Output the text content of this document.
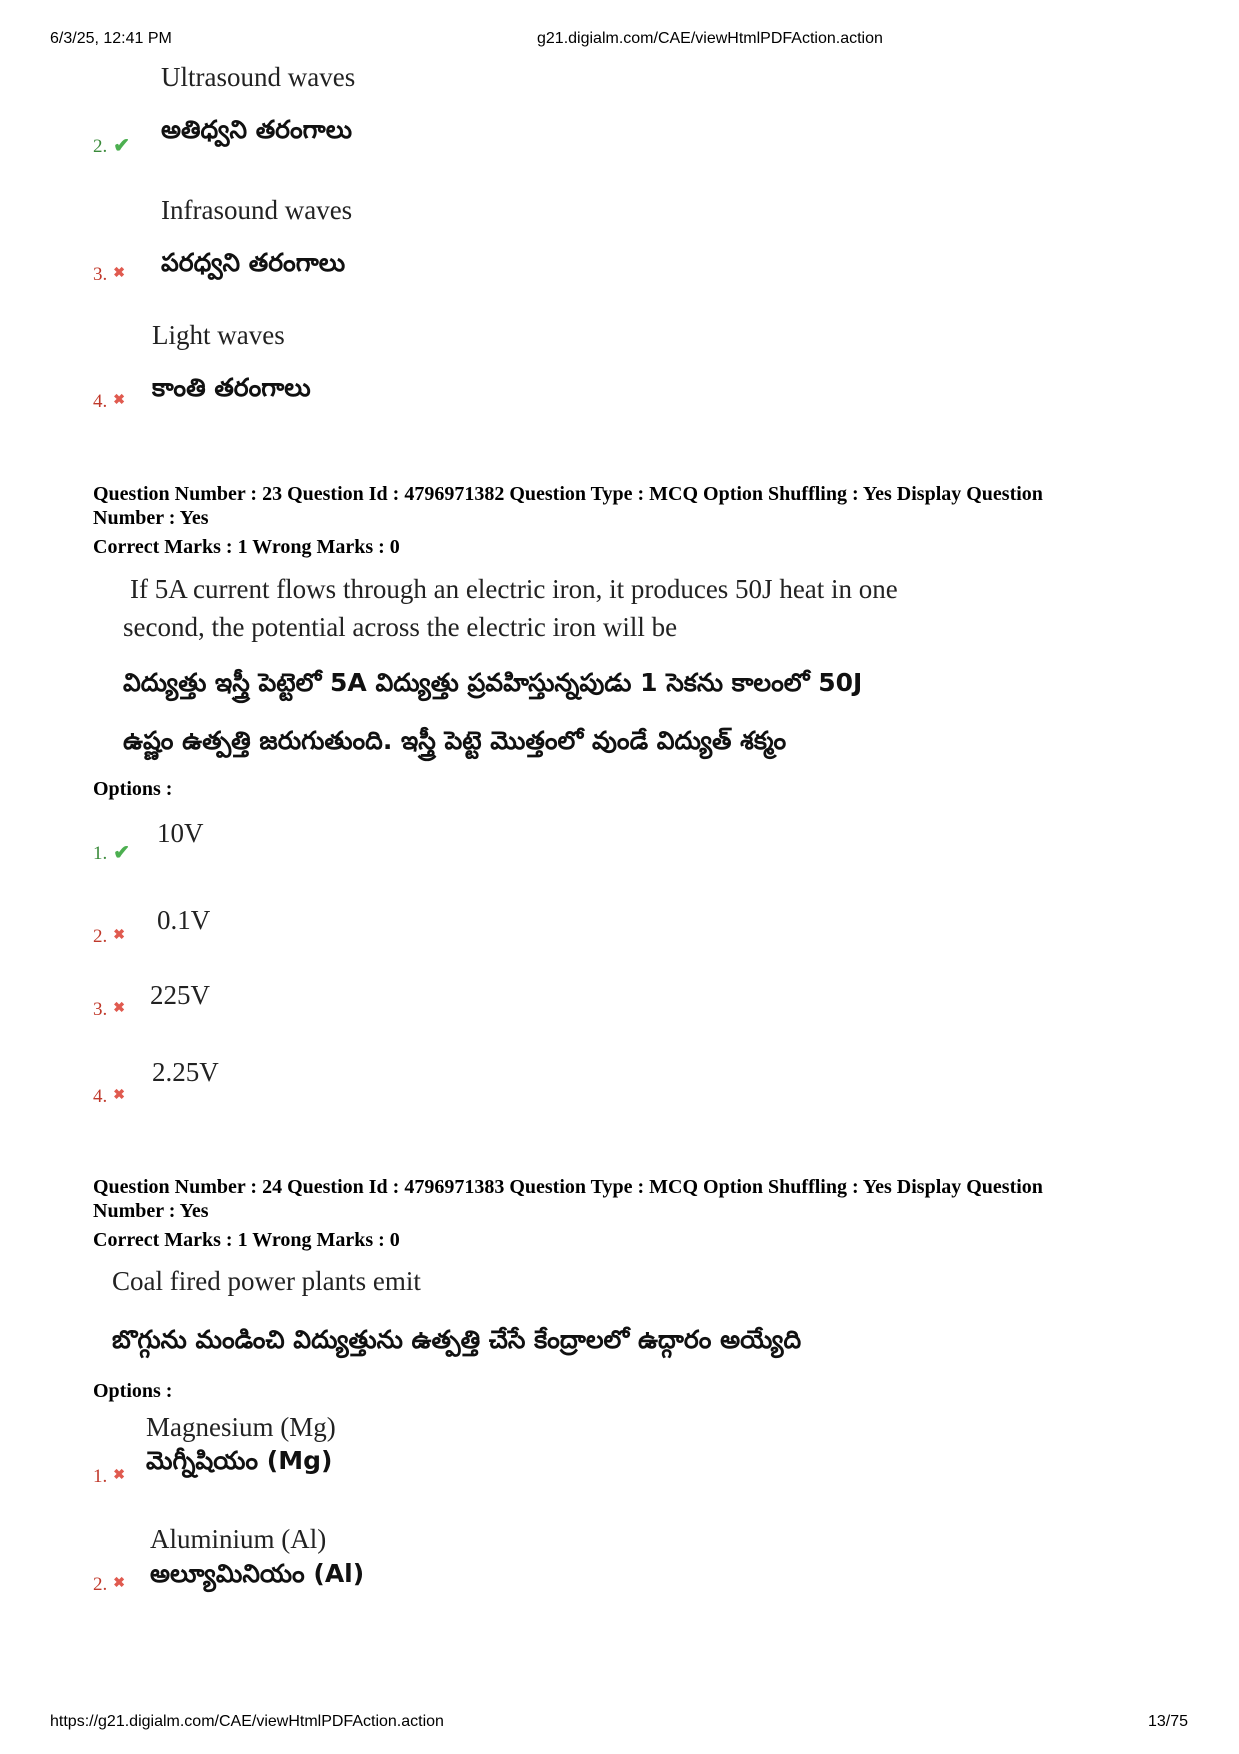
6/3/25, 12:41 PM	g21.digialm.com/CAE/viewHtmlPDFAction.action
Ultrasound waves
అతిధ్వని తరంగాలు
2. ✔
Infrasound waves
పరధ్వని తరంగాలు
3. ✖
Light waves
కాంతి తరంగాలు
4. ✖
Question Number : 23 Question Id : 4796971382 Question Type : MCQ Option Shuffling : Yes Display Question
Number : Yes
Correct Marks : 1 Wrong Marks : 0
If 5A current flows through an electric iron, it produces 50J heat in one
second, the potential across the electric iron will be
విద్యుత్తు ఇస్త్రీ పెట్టెలో 5A విద్యుత్తు ప్రవహిస్తున్నపుడు 1 సెకను కాలంలో 50J
ఉష్ణం ఉత్పత్తి జరుగుతుంది. ఇస్త్రీ పెట్టె మొత్తంలో వుండే విద్యుత్ శక్మం
Options :
10V
1. ✔
0.1V
2. ✖
225V
3. ✖
2.25V
4. ✖
Question Number : 24 Question Id : 4796971383 Question Type : MCQ Option Shuffling : Yes Display Question
Number : Yes
Correct Marks : 1 Wrong Marks : 0
Coal fired power plants emit
బొగ్గును మండించి విద్యుత్తును ఉత్పత్తి చేసే కేంద్రాలలో ఉద్గారం అయ్యేది
Options :
Magnesium (Mg)
మెగ్నీషియం (Mg)
1. ✖
Aluminium (Al)
అల్యూమినియం (Al)
2. ✖
https://g21.digialm.com/CAE/viewHtmlPDFAction.action	13/75
